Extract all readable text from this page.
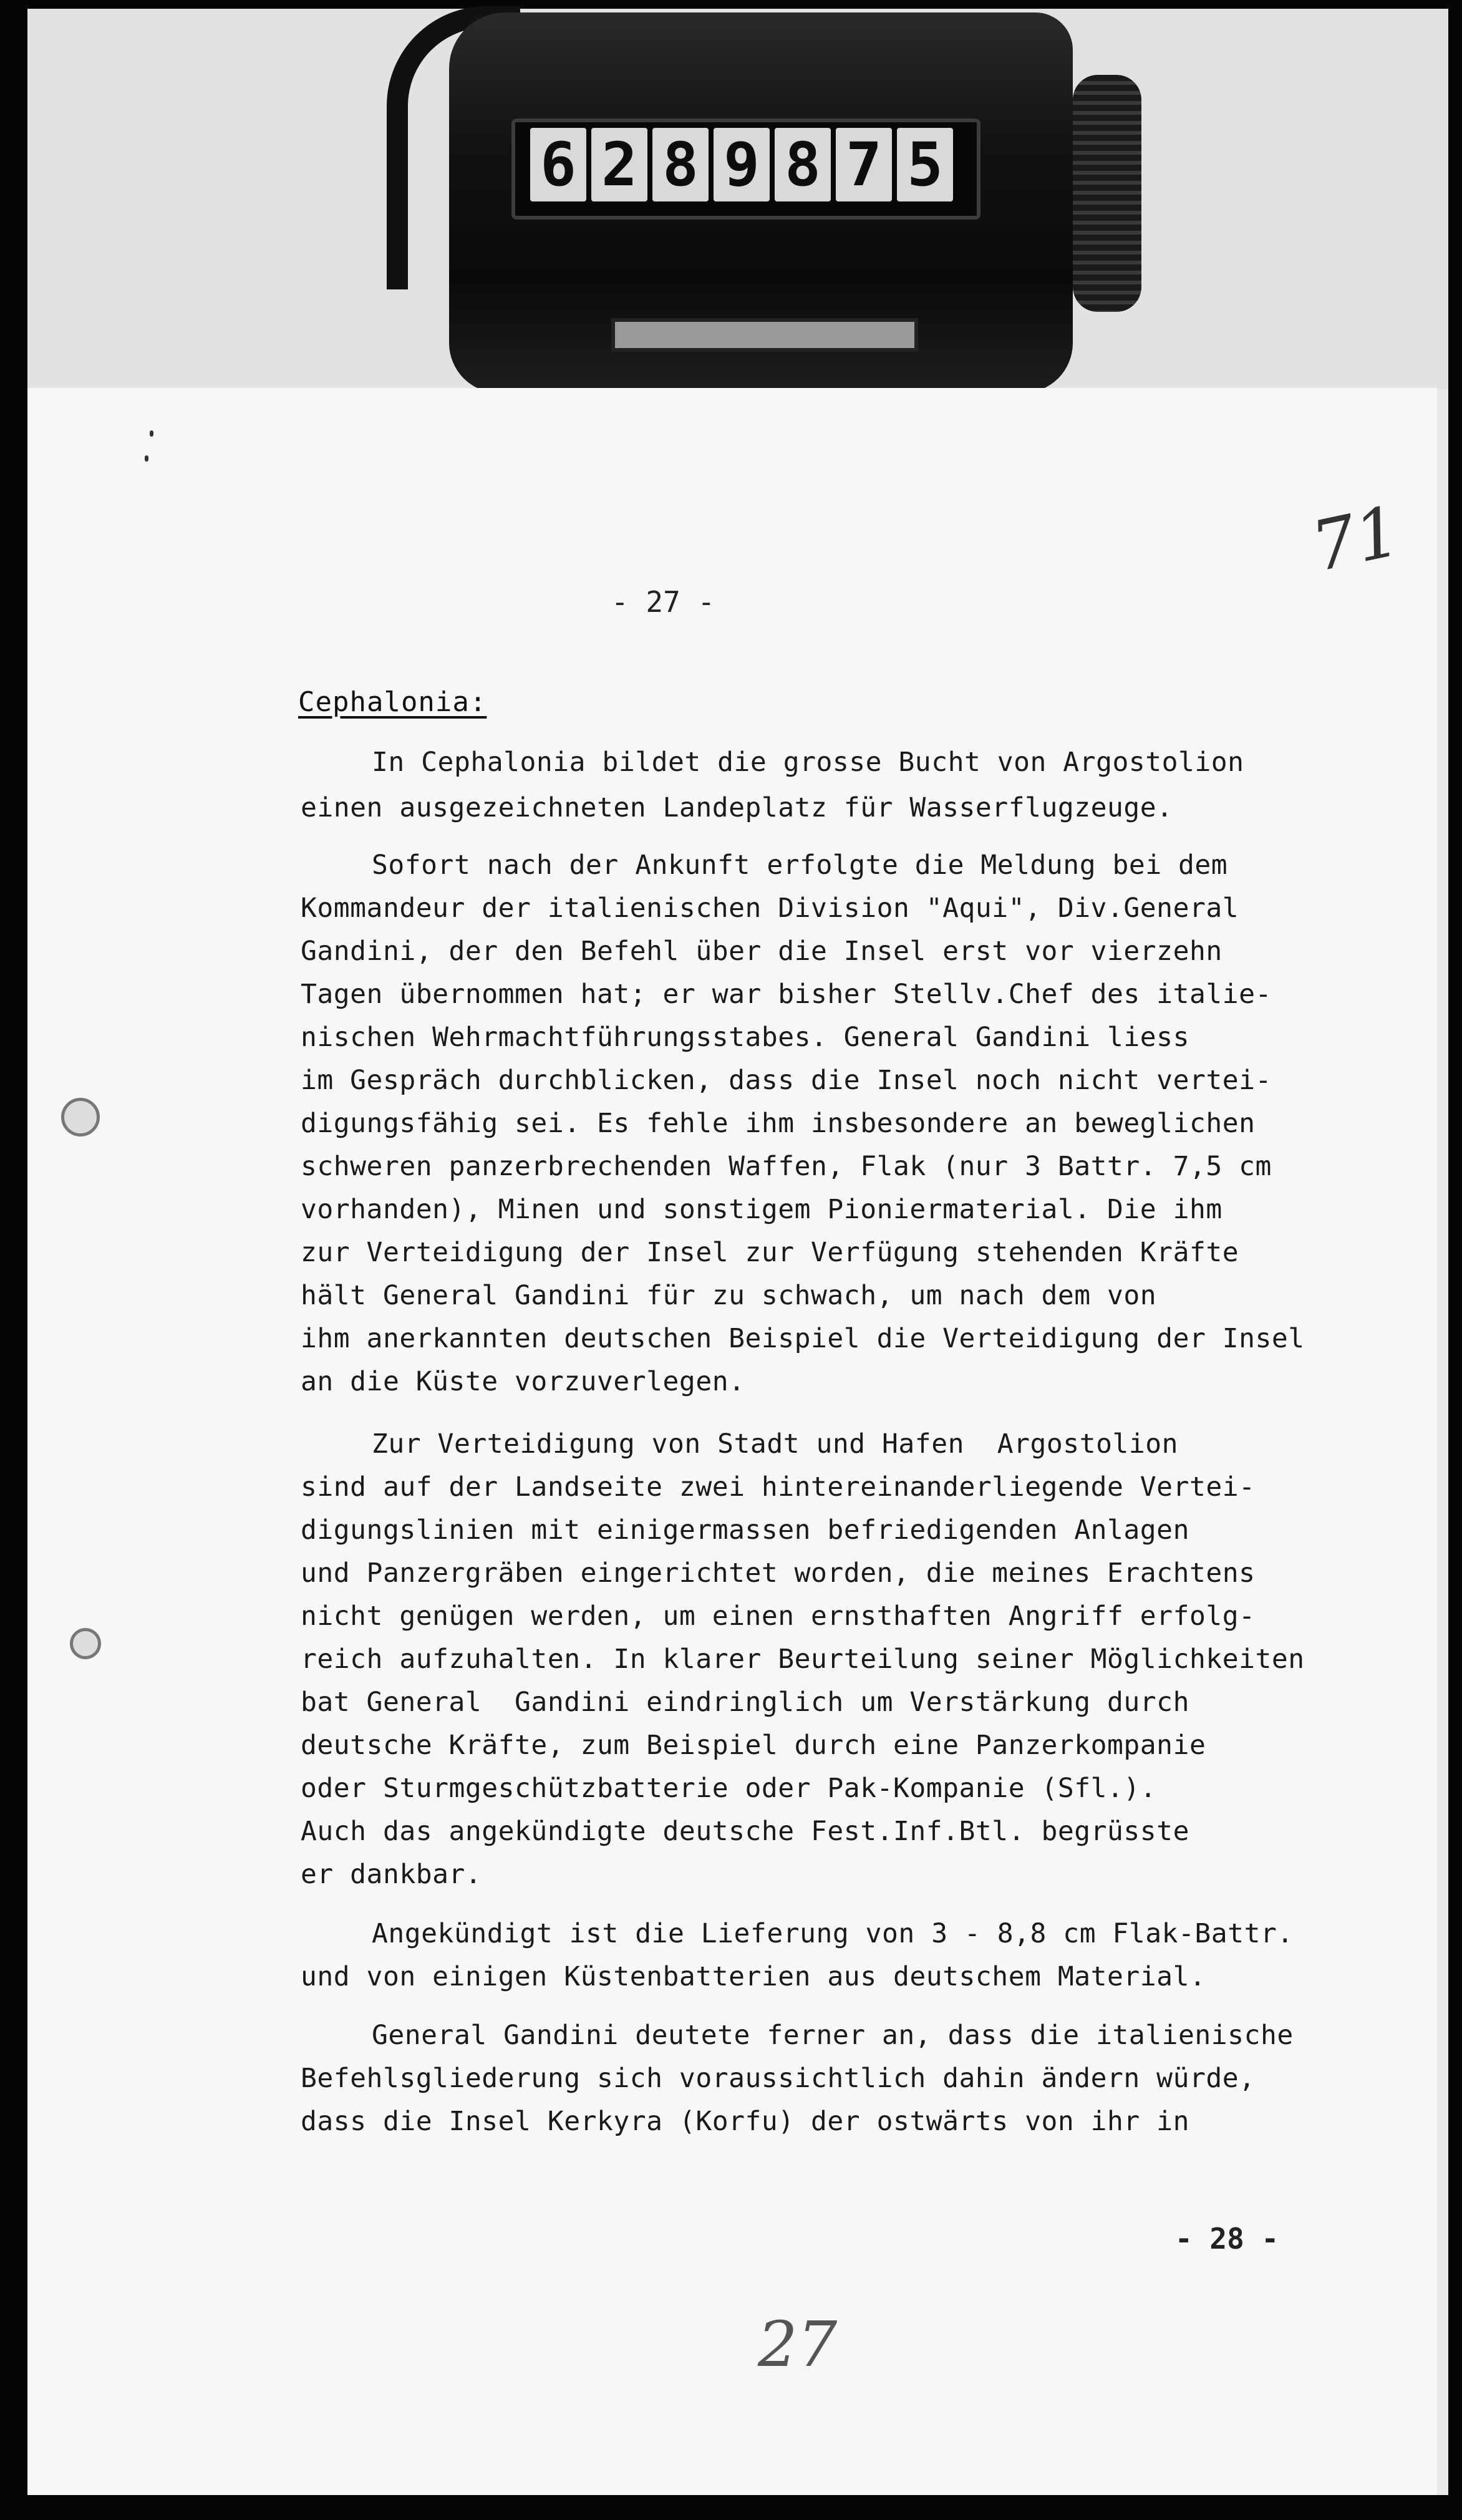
6 2 8 9 8 7 5
- 27 -
71
Cephalonia:
In Cephalonia bildet die grosse Bucht von Argostolion
einen ausgezeichneten Landeplatz für Wasserflugzeuge.
Sofort nach der Ankunft erfolgte die Meldung bei dem
Kommandeur der italienischen Division "Aqui", Div.General
Gandini, der den Befehl über die Insel erst vor vierzehn
Tagen übernommen hat; er war bisher Stellv.Chef des italie-
nischen Wehrmachtführungsstabes. General Gandini liess
im Gespräch durchblicken, dass die Insel noch nicht vertei-
digungsfähig sei. Es fehle ihm insbesondere an beweglichen
schweren panzerbrechenden Waffen, Flak (nur 3 Battr. 7,5 cm
vorhanden), Minen und sonstigem Pioniermaterial. Die ihm
zur Verteidigung der Insel zur Verfügung stehenden Kräfte
hält General Gandini für zu schwach, um nach dem von
ihm anerkannten deutschen Beispiel die Verteidigung der Insel
an die Küste vorzuverlegen.
Zur Verteidigung von Stadt und Hafen  Argostolion
sind auf der Landseite zwei hintereinanderliegende Vertei-
digungslinien mit einigermassen befriedigenden Anlagen
und Panzergräben eingerichtet worden, die meines Erachtens
nicht genügen werden, um einen ernsthaften Angriff erfolg-
reich aufzuhalten. In klarer Beurteilung seiner Möglichkeiten
bat General  Gandini eindringlich um Verstärkung durch
deutsche Kräfte, zum Beispiel durch eine Panzerkompanie
oder Sturmgeschützbatterie oder Pak-Kompanie (Sfl.).
Auch das angekündigte deutsche Fest.Inf.Btl. begrüsste
er dankbar.
Angekündigt ist die Lieferung von 3 - 8,8 cm Flak-Battr.
und von einigen Küstenbatterien aus deutschem Material.
General Gandini deutete ferner an, dass die italienische
Befehlsgliederung sich voraussichtlich dahin ändern würde,
dass die Insel Kerkyra (Korfu) der ostwärts von ihr in
- 28 -
27
